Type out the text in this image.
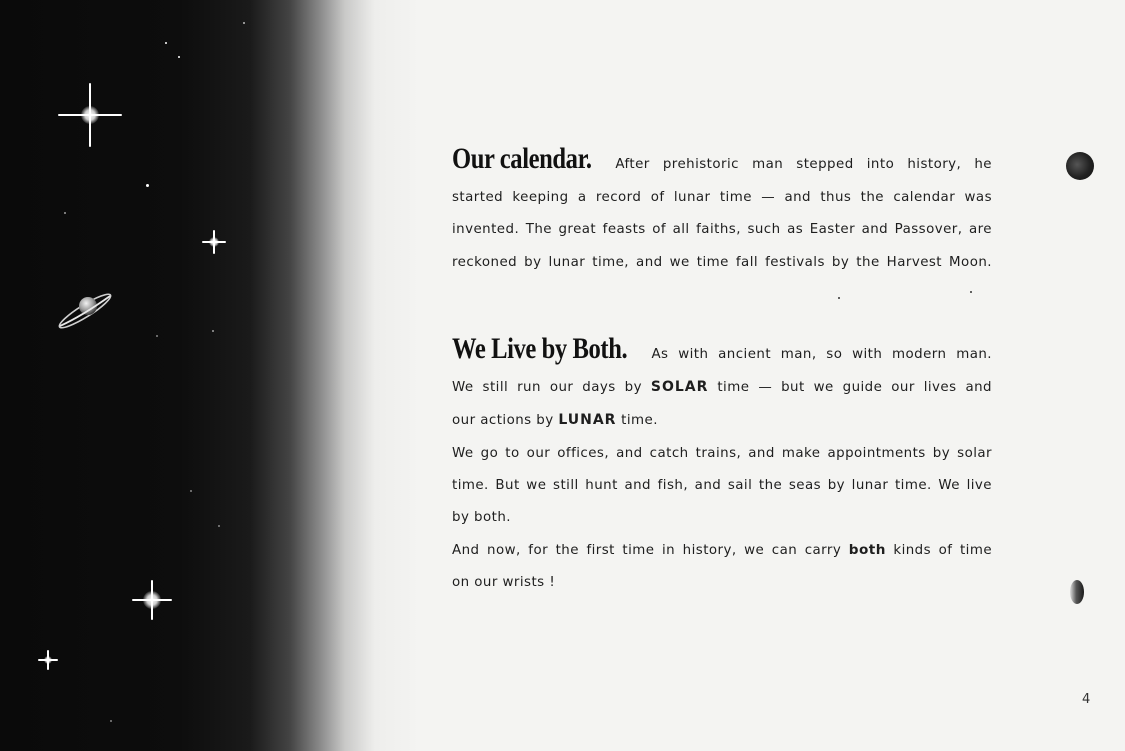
Our calendar. After prehistoric man stepped into history, he

started keeping a record of lunar time — and thus the calendar was

invented. The great feasts of all faiths, such as Easter and Passover, are

reckoned by lunar time, and we time fall festivals by the Harvest Moon.

We Live by Both. As with ancient man, so with modern man.

We still run our days by SOLAR time — but we guide our lives and

our actions by LUNAR time.

We go to our offices, and catch trains, and make appointments by solar

time. But we still hunt and fish, and sail the seas by lunar time. We live

by both.

And now, for the first time in history, we can carry both kinds of time

on our wrists !

4
